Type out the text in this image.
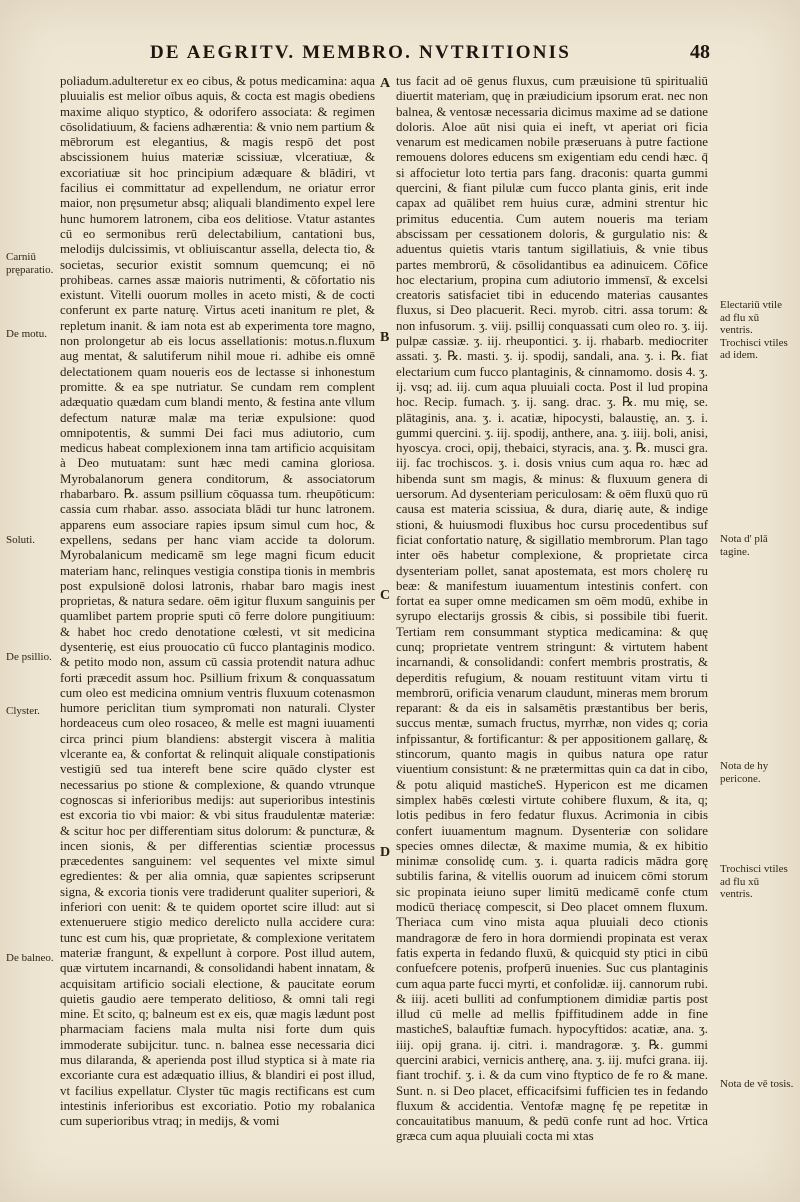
DE AEGRITV. MEMBRO. NVTRITIONIS	48
Carniū pręparatio.
De motu.
Soluti.
De psillio.
Clyster.
De balneo.
A
B
C
D

poliadum.adulteretur ex eo cibus, & potus medicamina: aqua pluuialis est melior oībus aquis, & cocta est magis obediens maxime aliquo styptico, & odorifero associata: & regimen cōsolidatiuum, & faciens adhærentia: & vnio nem partium & mēbrorum est elegantius, & magis respō det post abscissionem huius materiæ scissiuæ, vlceratiuæ, & excoriatiuæ sit hoc principium adæquare & blādiri, vt facilius ei committatur ad expellendum, ne oriatur error maior, non pręsumetur absq; aliquali blandimento expel lere hunc humorem latronem, ciba eos delitiose. Vtatur astantes cū eo sermonibus rerū delectabilium, cantationi bus, melodijs dulcissimis, vt obliuiscantur assella, delecta tio, & societas, securior existit somnum quemcunq; ei nō prohibeas. carnes assæ maioris nutrimenti, & cōfortatio nis existunt. Vitelli ouorum molles in aceto misti, & de cocti conferunt ex parte naturę. Virtus aceti inanitum re plet, & repletum inanit. & iam nota est ab experimenta tore magno, non prolongetur ab eis locus assellationis: motus.n.fluxum aug mentat, & salutiferum nihil moue ri. adhibe eis omnē delectationem quam noueris eos de lectasse si inhonestum promitte. & ea spe nutriatur. Se cundam rem complent adæquatio quædam cum blandi mento, & festina ante vllum defectum naturæ malæ ma teriæ expulsione: quod omnipotentis, & summi Dei faci mus adiutorio, cum medicus habeat complexionem inna tam artificio acquisitam à Deo mutuatam: sunt hæc medi camina gloriosa. Myrobalanorum genera conditorum, & associatorum rhabarbaro. ℞. assum psillium cōquassa tum. rheupōticum: cassia cum rhabar. asso. associata blādi tur hunc latronem. apparens eum associare rapies ipsum simul cum hoc, & expellens, sedans per hanc viam accide ta dolorum. Myrobalanicum medicamē sm lege magni ficum educit materiam hanc, relinques vestigia constipa tionis in membris post expulsionē dolosi latronis, rhabar baro magis inest proprietas, & natura sedare. oēm igitur fluxum sanguinis per quamlibet partem proprie sputi cō ferre dolore pungitiuum: & habet hoc credo denotatione cœlesti, vt sit medicina dysenterię, est eius prouocatio cū fucco plantaginis modico. & petito modo non, assum cū cassia protendit natura adhuc forti præcedit assum hoc. Psillium frixum & conquassatum cum oleo est medicina omnium ventris fluxuum cotenasmon humore periclitan tium sympromati non naturali. Clyster hordeaceus cum oleo rosaceo, & melle est magni iuuamenti circa princi pium blandiens: abstergit viscera à malitia vlcerante ea, & confortat & relinquit aliquale constipationis vestigiū sed tua intereft bene scire quādo clyster est necessarius po stione & complexione, & quando vtrunque cognoscas si inferioribus medijs: aut superioribus intestinis est excoria tio vbi maior: & vbi situs fraudulentæ materiæ: & scitur hoc per differentiam situs dolorum: & puncturæ, & incen sionis, & per differentias scientiæ processus præcedentes sanguinem: vel sequentes vel mixte simul egredientes: & per alia omnia, quæ sapientes scripserunt signa, & excoria tionis vere tradiderunt qualiter superiori, & inferiori con uenit: & te quidem oportet scire illud: aut si extenueruere stigio medico derelicto nulla accidere cura: tunc est cum his, quæ proprietate, & complexione veritatem materiæ frangunt, & expellunt à corpore. Post illud autem, quæ virtutem incarnandi, & consolidandi habent innatam, & acquisitam artificio sociali electione, & paucitate eorum quietis gaudio aere temperato delitioso, & omni tali regi mine. Et scito, q; balneum est ex eis, quæ magis lædunt post pharmaciam faciens mala multa nisi forte dum quis immoderate subijcitur. tunc. n. balnea esse necessaria dici mus dilaranda, & aperienda post illud styptica si à mate ria excoriante cura est adæquatio illius, & blandiri ei post illud, vt facilius expellatur. Clyster tūc magis rectificans est cum intestinis inferioribus est excoriatio. Potio my robalanica cum superioribus vtraq; in medijs, & vomi

tus facit ad oē genus fluxus, cum præuisione tū spiritualiū diuertit materiam, quę in præiudicium ipsorum erat. nec non balnea, & ventosæ necessaria dicimus maxime ad se datione doloris. Aloe aūt nisi quia ei ineft, vt aperiat ori ficia venarum est medicamen nobile præseruans à putre factione remouens dolores educens sm exigentiam edu cendi hæc. q̄ si affocietur loto tertia pars fang. draconis: quarta gummi quercini, & fiant pilulæ cum fucco planta ginis, erit inde capax ad quālibet rem huius curæ, admini strentur hic primitus educentia. Cum autem noueris ma teriam abscissam per cessationem doloris, & gurgulatio nis: & aduentus quietis vtaris tantum sigillatiuis, & vnie tibus partes membrorū, & cōsolidantibus ea adinuicem. Cōfice hoc electarium, propina cum adiutorio immensī, & excelsi creatoris satisfaciet tibi in educendo materias causantes fluxus, si Deo placuerit. Reci. myrob. citri. assa torum: & non infusorum. ʒ. viij. psillij conquassati cum oleo ro. ʒ. iij. pulpæ cassiæ. ʒ. iij. rheupontici. ʒ. ij. rhabarb. mediocriter assati. ʒ. ℞. masti. ʒ. ij. spodij, sandali, ana. ʒ. i. ℞. fiat electarium cum fucco plantaginis, & cinnamomo. dosis 4. ʒ. ij. vsq; ad. iij. cum aqua pluuiali cocta. Post il lud propina hoc. Recip. fumach. ʒ. ij. sang. drac. ʒ. ℞. mu mię, se. plātaginis, ana. ʒ. i. acatiæ, hipocysti, balaustię, an. ʒ. i. gummi quercini. ʒ. iij. spodij, anthere, ana. ʒ. iiij. boli, anisi, hyoscya. croci, opij, thebaici, styracis, ana. ʒ. ℞. musci gra. iij. fac trochiscos. ʒ. i. dosis vnius cum aqua ro. hæc ad hibenda sunt sm magis, & minus: & fluxuum genera di uersorum. Ad dysenteriam periculosam: & oēm fluxū quo rū causa est materia scissiua, & dura, diarię aute, & indige stioni, & huiusmodi fluxibus hoc cursu procedentibus suf ficiat confortatio naturę, & sigillatio membrorum. Plan tago inter oēs habetur complexione, & proprietate circa dysenteriam pollet, sanat apostemata, est mors cholerę ru beæ: & manifestum iuuamentum intestinis confert. con fortat ea super omne medicamen sm oēm modū, exhibe in syrupo electarijs grossis & cibis, si possibile tibi fuerit. Tertiam rem consummant styptica medicamina: & quę cunq; proprietate ventrem stringunt: & virtutem habent incarnandi, & consolidandi: confert membris prostratis, & deperditis refugium, & nouam restituunt vitam virtu ti membrorū, orificia venarum claudunt, mineras mem brorum reparant: & da eis in salsamētis præstantibus ber beris, succus mentæ, sumach fructus, myrrhæ, non vides q; coria infpissantur, & fortificantur: & per appositionem gallarę, & stincorum, quanto magis in quibus natura ope ratur viuentium consistunt: & ne prætermittas quin ca dat in cibo, & potu aliquid masticheS. Hypericon est me dicamen simplex habēs cœlesti virtute cohibere fluxum, & ita, q; lotis pedibus in fero fedatur fluxus. Acrimonia in cibis confert iuuamentum magnum. Dysenteriæ con solidare species omnes dilectæ, & maxime mumia, & ex hibitio minimæ consolidę cum. ʒ. i. quarta radicis mādra gorę subtilis farina, & vitellis ouorum ad inuicem cōmi storum sic propinata ieiuno super limitū medicamē confe ctum modicū theriacę compescit, si Deo placet omnem fluxum. Theriaca cum vino mista aqua pluuiali deco ctionis mandragoræ de fero in hora dormiendi propinata est verax fatis experta in fedando fluxū, & quicquid sty ptici in cibū confuefcere potenis, profperū inuenies. Suc cus plantaginis cum aqua parte fucci myrti, et confolidæ. iij. cannorum rubi. & iiij. aceti bulliti ad confumptionem dimidiæ partis post illud cū melle ad mellis fpiffitudinem adde in fine masticheS, balauftiæ fumach. hypocyftidos: acatiæ, ana. ʒ. iiij. opij grana. ij. citri. i. mandragoræ. ʒ. ℞. gummi quercini arabici, vernicis antherę, ana. ʒ. iij. mufci grana. iij. fiant trochif. ʒ. i. & da cum vino ftyptico de fe ro & mane. Sunt. n. si Deo placet, efficacifsimi fufficien tes in fedando fluxum & accidentia. Ventofæ magnę fę pe repetitæ in concauitatibus manuum, & pedū confe runt ad hoc. Vrtica græca cum aqua pluuiali cocta mi xtas

Electariū vtile ad flu xū ventris. Trochisci vtiles ad idem.
Nota d' plā tagine.
Nota de hy pericone.
Trochisci vtiles ad flu xū ventris.
Nota de vē tosis.
